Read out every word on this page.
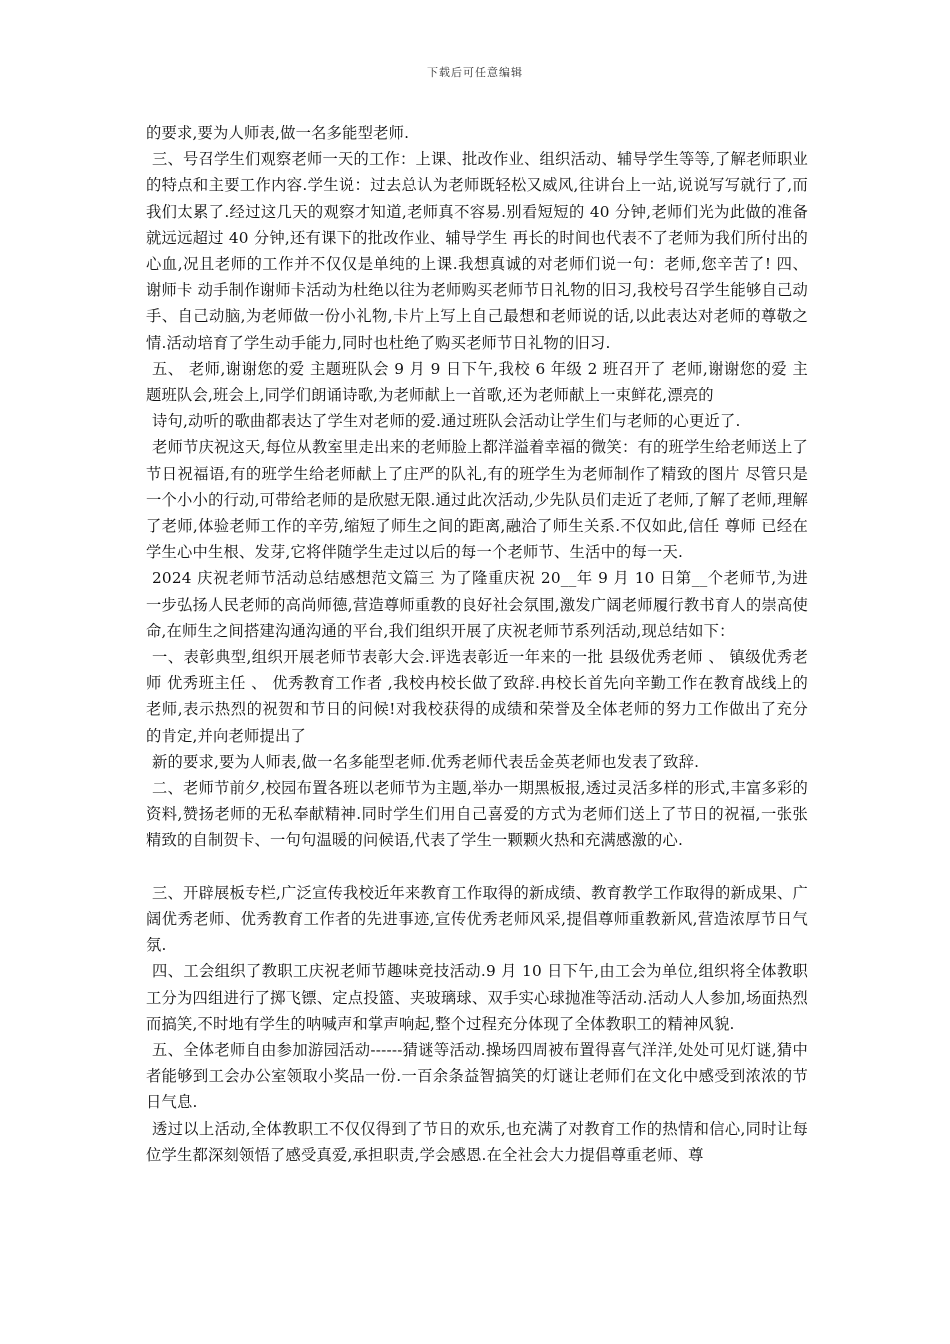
下载后可任意编辑

的要求,要为人师表,做一名多能型老师.

三、号召学生们观察老师一天的工作：上课、批改作业、组织活动、辅导学生等等,了解老师职业的特点和主要工作内容.学生说：过去总认为老师既轻松又威风,往讲台上一站,说说写写就行了,而我们太累了.经过这几天的观察才知道,老师真不容易.别看短短的 40 分钟,老师们光为此做的准备就远远超过 40 分钟,还有课下的批改作业、辅导学生 再长的时间也代表不了老师为我们所付出的心血,况且老师的工作并不仅仅是单纯的上课.我想真诚的对老师们说一句：老师,您辛苦了! 四、 谢师卡 动手制作谢师卡活动为杜绝以往为老师购买老师节日礼物的旧习,我校号召学生能够自己动手、自己动脑,为老师做一份小礼物,卡片上写上自己最想和老师说的话,以此表达对老师的尊敬之情.活动培育了学生动手能力,同时也杜绝了购买老师节日礼物的旧习.

五、 老师,谢谢您的爱 主题班队会 9 月 9 日下午,我校 6 年级 2 班召开了 老师,谢谢您的爱 主题班队会,班会上,同学们朗诵诗歌,为老师献上一首歌,还为老师献上一束鲜花,漂亮的

诗句,动听的歌曲都表达了学生对老师的爱.通过班队会活动让学生们与老师的心更近了.

老师节庆祝这天,每位从教室里走出来的老师脸上都洋溢着幸福的微笑：有的班学生给老师送上了节日祝福语,有的班学生给老师献上了庄严的队礼,有的班学生为老师制作了精致的图片 尽管只是一个小小的行动,可带给老师的是欣慰无限.通过此次活动,少先队员们走近了老师,了解了老师,理解了老师,体验老师工作的辛劳,缩短了师生之间的距离,融洽了师生关系.不仅如此,信任 尊师 已经在学生心中生根、发芽,它将伴随学生走过以后的每一个老师节、生活中的每一天.

2024 庆祝老师节活动总结感想范文篇三 为了隆重庆祝 20__年 9 月 10 日第__个老师节,为进一步弘扬人民老师的高尚师德,营造尊师重教的良好社会氛围,激发广阔老师履行教书育人的崇高使命,在师生之间搭建沟通沟通的平台,我们组织开展了庆祝老师节系列活动,现总结如下：

一、表彰典型,组织开展老师节表彰大会.评选表彰近一年来的一批 县级优秀老师 、 镇级优秀老师 优秀班主任 、 优秀教育工作者 ,我校冉校长做了致辞.冉校长首先向辛勤工作在教育战线上的老师,表示热烈的祝贺和节日的问候!对我校获得的成绩和荣誉及全体老师的努力工作做出了充分的肯定,并向老师提出了

新的要求,要为人师表,做一名多能型老师.优秀老师代表岳金英老师也发表了致辞.

二、老师节前夕,校园布置各班以老师节为主题,举办一期黑板报,透过灵活多样的形式,丰富多彩的资料,赞扬老师的无私奉献精神.同时学生们用自己喜爱的方式为老师们送上了节日的祝福,一张张精致的自制贺卡、一句句温暖的问候语,代表了学生一颗颗火热和充满感激的心.

三、开辟展板专栏,广泛宣传我校近年来教育工作取得的新成绩、教育教学工作取得的新成果、广阔优秀老师、优秀教育工作者的先进事迹,宣传优秀老师风采,提倡尊师重教新风,营造浓厚节日气氛.

四、工会组织了教职工庆祝老师节趣味竞技活动.9 月 10 日下午,由工会为单位,组织将全体教职工分为四组进行了掷飞镖、定点投篮、夹玻璃球、双手实心球抛准等活动.活动人人参加,场面热烈而搞笑,不时地有学生的呐喊声和掌声响起,整个过程充分体现了全体教职工的精神风貌.

五、全体老师自由参加游园活动------猜谜等活动.操场四周被布置得喜气洋洋,处处可见灯谜,猜中者能够到工会办公室领取小奖品一份.一百余条益智搞笑的灯谜让老师们在文化中感受到浓浓的节日气息.

透过以上活动,全体教职工不仅仅得到了节日的欢乐,也充满了对教育工作的热情和信心,同时让每位学生都深刻领悟了感受真爱,承担职责,学会感恩.在全社会大力提倡尊重老师、尊
